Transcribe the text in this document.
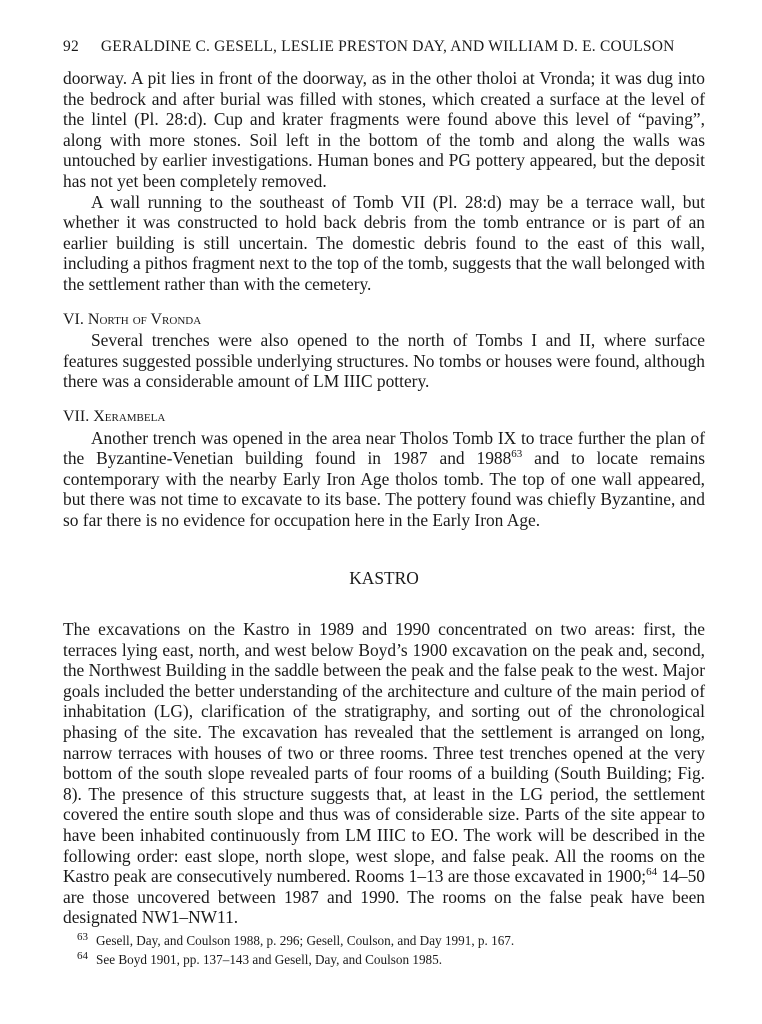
92 GERALDINE C. GESELL, LESLIE PRESTON DAY, AND WILLIAM D. E. COULSON

doorway. A pit lies in front of the doorway, as in the other tholoi at Vronda; it was dug into the bedrock and after burial was filled with stones, which created a surface at the level of the lintel (Pl. 28:d). Cup and krater fragments were found above this level of “paving”, along with more stones. Soil left in the bottom of the tomb and along the walls was untouched by earlier investigations. Human bones and PG pottery appeared, but the deposit has not yet been completely removed.

A wall running to the southeast of Tomb VII (Pl. 28:d) may be a terrace wall, but whether it was constructed to hold back debris from the tomb entrance or is part of an earlier building is still uncertain. The domestic debris found to the east of this wall, including a pithos fragment next to the top of the tomb, suggests that the wall belonged with the settlement rather than with the cemetery.

VI. North of Vronda

Several trenches were also opened to the north of Tombs I and II, where surface features suggested possible underlying structures. No tombs or houses were found, although there was a considerable amount of LM IIIC pottery.

VII. Xerambela

Another trench was opened in the area near Tholos Tomb IX to trace further the plan of the Byzantine-Venetian building found in 1987 and 1988$^{63}$ and to locate remains contemporary with the nearby Early Iron Age tholos tomb. The top of one wall appeared, but there was not time to excavate to its base. The pottery found was chiefly Byzantine, and so far there is no evidence for occupation here in the Early Iron Age.

KASTRO

The excavations on the Kastro in 1989 and 1990 concentrated on two areas: first, the terraces lying east, north, and west below Boyd’s 1900 excavation on the peak and, second, the Northwest Building in the saddle between the peak and the false peak to the west. Major goals included the better understanding of the architecture and culture of the main period of inhabitation (LG), clarification of the stratigraphy, and sorting out of the chronological phasing of the site. The excavation has revealed that the settlement is arranged on long, narrow terraces with houses of two or three rooms. Three test trenches opened at the very bottom of the south slope revealed parts of four rooms of a building (South Building; Fig. 8). The presence of this structure suggests that, at least in the LG period, the settlement covered the entire south slope and thus was of considerable size. Parts of the site appear to have been inhabited continuously from LM IIIC to EO. The work will be described in the following order: east slope, north slope, west slope, and false peak. All the rooms on the Kastro peak are consecutively numbered. Rooms 1–13 are those excavated in 1900;$^{64}$ 14–50 are those uncovered between 1987 and 1990. The rooms on the false peak have been designated NW1–NW11.

$^{63}$ Gesell, Day, and Coulson 1988, p. 296; Gesell, Coulson, and Day 1991, p. 167.
$^{64}$ See Boyd 1901, pp. 137–143 and Gesell, Day, and Coulson 1985.
